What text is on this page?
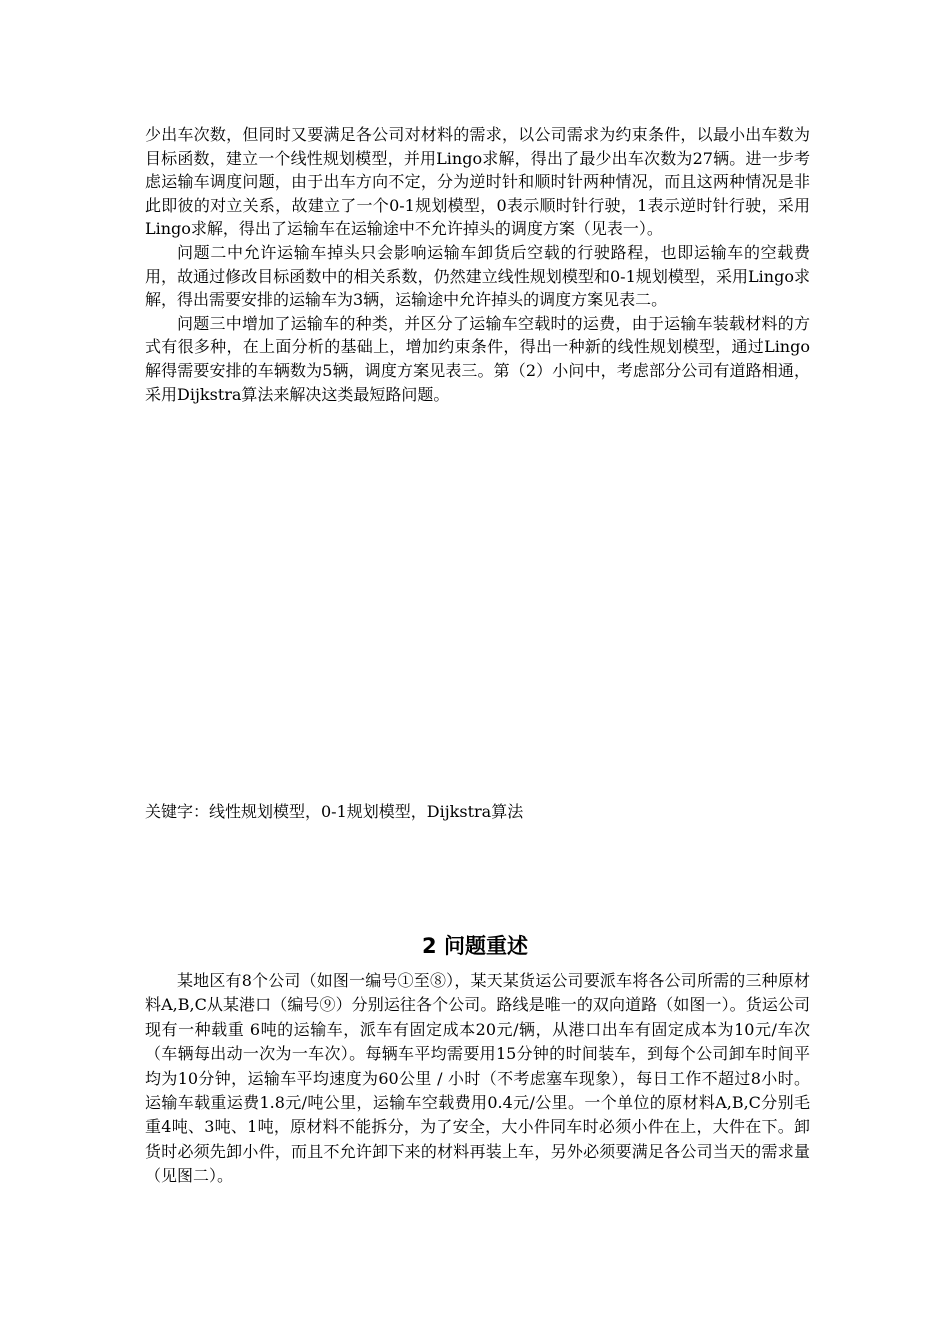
少出车次数，但同时又要满足各公司对材料的需求，以公司需求为约束条件，以最小出车数为目标函数，建立一个线性规划模型，并用Lingo求解，得出了最少出车次数为27辆。进一步考虑运输车调度问题，由于出车方向不定，分为逆时针和顺时针两种情况，而且这两种情况是非此即彼的对立关系，故建立了一个0-1规划模型，0表示顺时针行驶，1表示逆时针行驶，采用Lingo求解，得出了运输车在运输途中不允许掉头的调度方案（见表一）。

问题二中允许运输车掉头只会影响运输车卸货后空载的行驶路程，也即运输车的空载费用，故通过修改目标函数中的相关系数，仍然建立线性规划模型和0-1规划模型，采用Lingo求解，得出需要安排的运输车为3辆，运输途中允许掉头的调度方案见表二。

问题三中增加了运输车的种类，并区分了运输车空载时的运费，由于运输车装载材料的方式有很多种，在上面分析的基础上，增加约束条件，得出一种新的线性规划模型，通过Lingo解得需要安排的车辆数为5辆，调度方案见表三。第（2）小问中，考虑部分公司有道路相通，采用Dijkstra算法来解决这类最短路问题。

关键字：线性规划模型，0-1规划模型，Dijkstra算法
2 问题重述

某地区有8个公司（如图一编号①至⑧），某天某货运公司要派车将各公司所需的三种原材料A,B,C从某港口（编号⑨）分别运往各个公司。路线是唯一的双向道路（如图一）。货运公司现有一种载重 6吨的运输车，派车有固定成本20元/辆，从港口出车有固定成本为10元/车次（车辆每出动一次为一车次）。每辆车平均需要用15分钟的时间装车，到每个公司卸车时间平均为10分钟，运输车平均速度为60公里 / 小时（不考虑塞车现象），每日工作不超过8小时。运输车载重运费1.8元/吨公里，运输车空载费用0.4元/公里。一个单位的原材料A,B,C分别毛重4吨、3吨、1吨，原材料不能拆分，为了安全，大小件同车时必须小件在上，大件在下。卸货时必须先卸小件，而且不允许卸下来的材料再装上车，另外必须要满足各公司当天的需求量（见图二）。
